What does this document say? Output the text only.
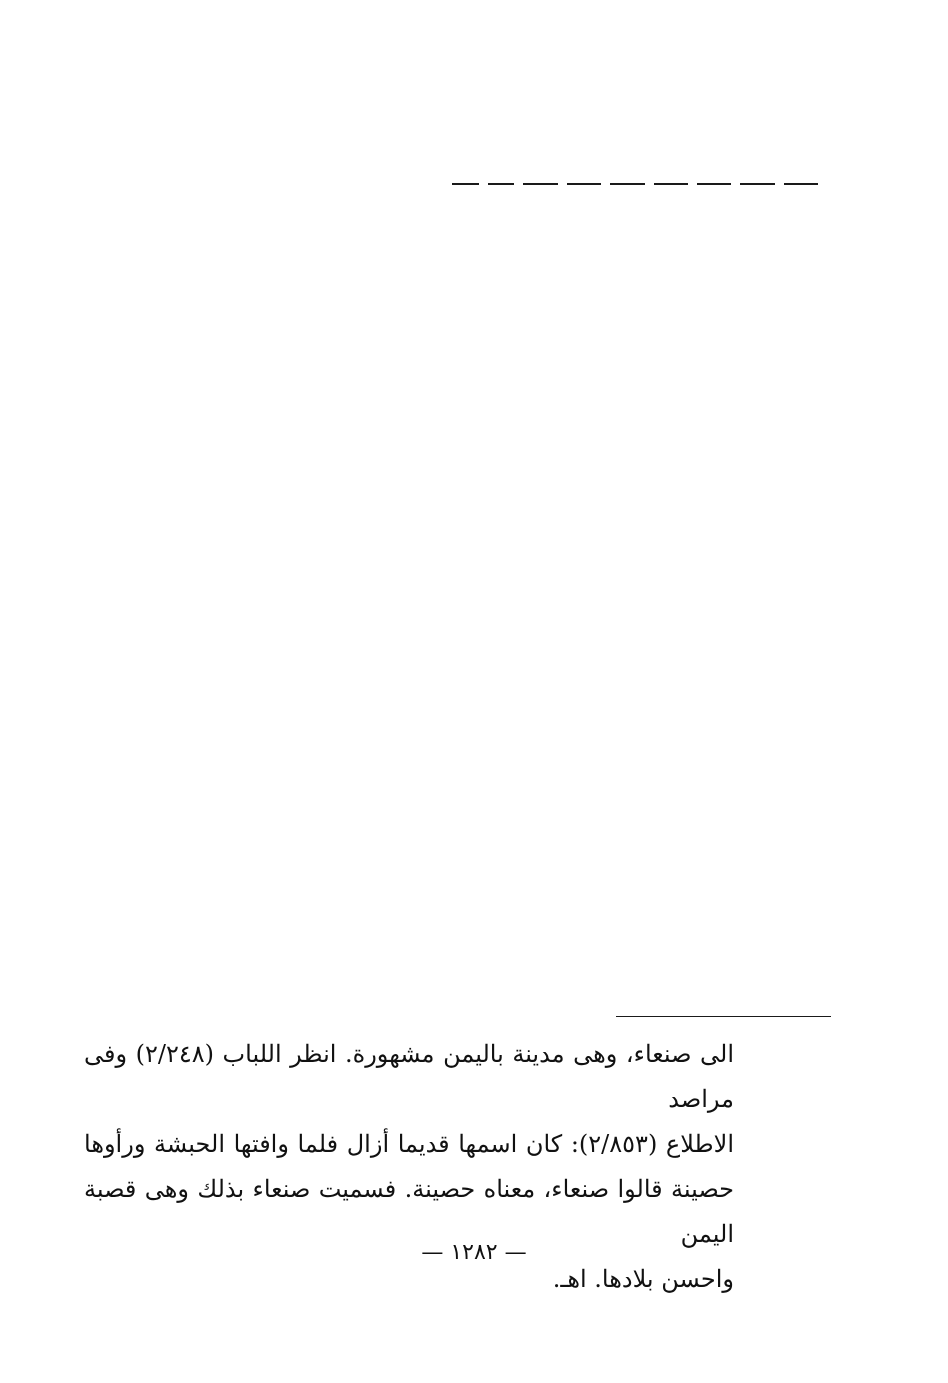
الى صنعاء، وهى مدينة باليمن مشهورة. انظر اللباب (٢/٢٤٨) وفى مراصد

الاطلاع (٢/٨٥٣): كان اسمها قديما أزال فلما وافتها الحبشة ورأوها

حصينة قالوا صنعاء، معناه حصينة. فسميت صنعاء بذلك وهى قصبة اليمن

واحسن بلادها. اهـ.

— ١٢٨٢ —
